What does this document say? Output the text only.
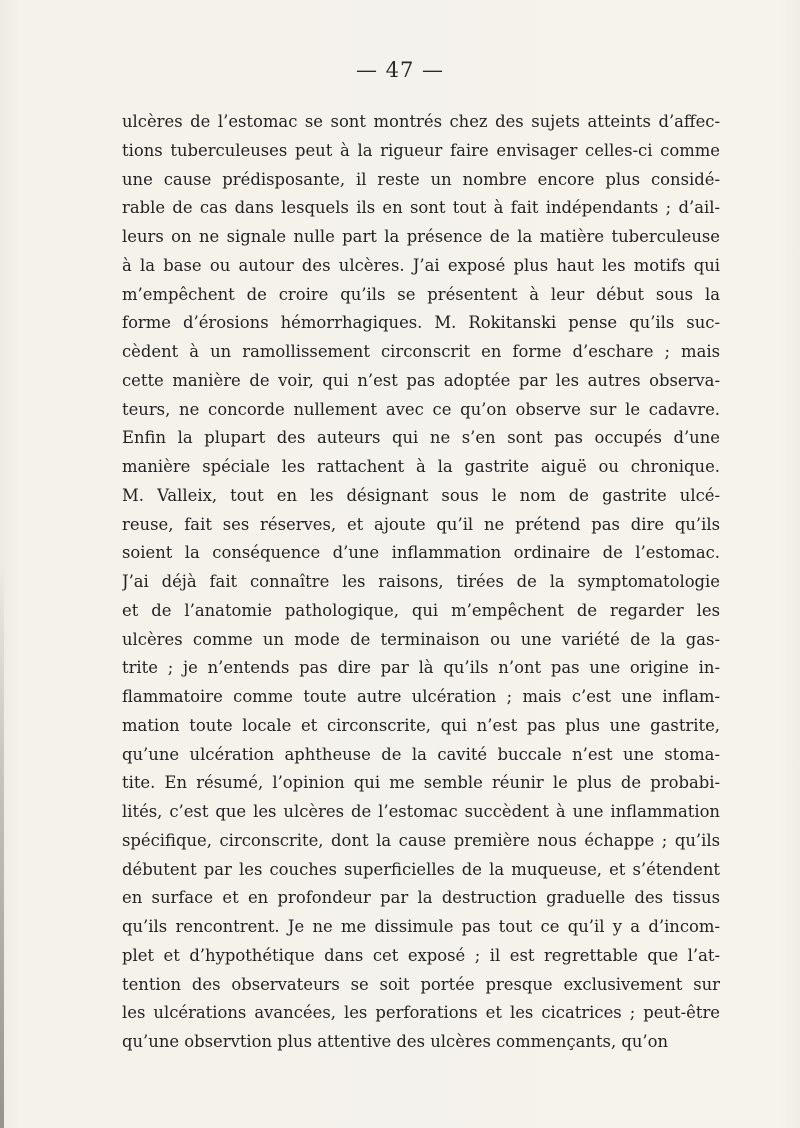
— 47 —
ulcères de l’estomac se sont montrés chez des sujets atteints d’affec-
tions tuberculeuses peut à la rigueur faire envisager celles-ci comme
une cause prédisposante, il reste un nombre encore plus considé-
rable de cas dans lesquels ils en sont tout à fait indépendants ; d’ail-
leurs on ne signale nulle part la présence de la matière tuberculeuse
à la base ou autour des ulcères. J’ai exposé plus haut les motifs qui
m’empêchent de croire qu’ils se présentent à leur début sous la
forme d’érosions hémorrhagiques. M. Rokitanski pense qu’ils suc-
cèdent à un ramollissement circonscrit en forme d’eschare ; mais
cette manière de voir, qui n’est pas adoptée par les autres observa-
teurs, ne concorde nullement avec ce qu’on observe sur le cadavre.
Enfin la plupart des auteurs qui ne s’en sont pas occupés d’une
manière spéciale les rattachent à la gastrite aiguë ou chronique.
M. Valleix, tout en les désignant sous le nom de gastrite ulcé-
reuse, fait ses réserves, et ajoute qu’il ne prétend pas dire qu’ils
soient la conséquence d’une inflammation ordinaire de l’estomac.
J’ai déjà fait connaître les raisons, tirées de la symptomatologie
et de l’anatomie pathologique, qui m’empêchent de regarder les
ulcères comme un mode de terminaison ou une variété de la gas-
trite ; je n’entends pas dire par là qu’ils n’ont pas une origine in-
flammatoire comme toute autre ulcération ; mais c’est une inflam-
mation toute locale et circonscrite, qui n’est pas plus une gastrite,
qu’une ulcération aphtheuse de la cavité buccale n’est une stoma-
tite. En résumé, l’opinion qui me semble réunir le plus de probabi-
lités, c’est que les ulcères de l’estomac succèdent à une inflammation
spécifique, circonscrite, dont la cause première nous échappe ; qu’ils
débutent par les couches superficielles de la muqueuse, et s’étendent
en surface et en profondeur par la destruction graduelle des tissus
qu’ils rencontrent. Je ne me dissimule pas tout ce qu’il y a d’incom-
plet et d’hypothétique dans cet exposé ; il est regrettable que l’at-
tention des observateurs se soit portée presque exclusivement sur
les ulcérations avancées, les perforations et les cicatrices ; peut-être
qu’une observtion plus attentive des ulcères commençants, qu’on
